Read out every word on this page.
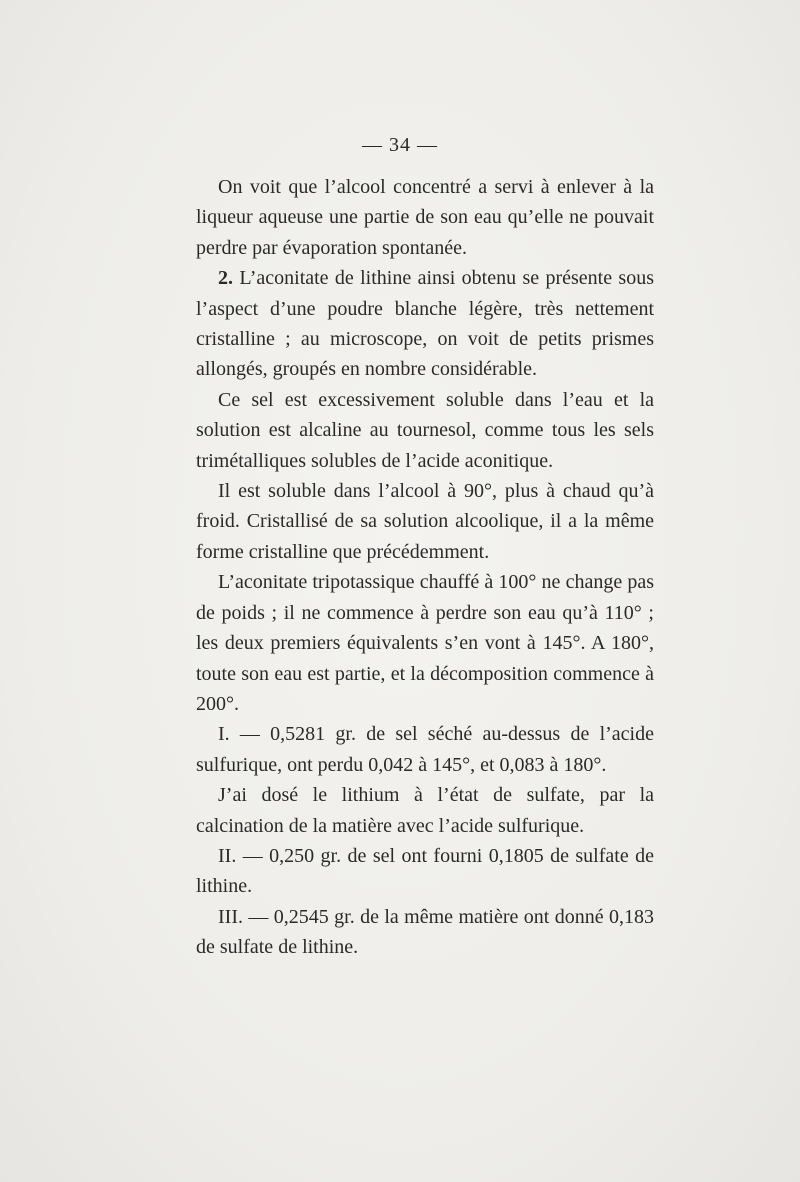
— 34 —

On voit que l’alcool concentré a servi à enlever à la liqueur aqueuse une partie de son eau qu’elle ne pouvait perdre par évaporation spontanée.

2. L’aconitate de lithine ainsi obtenu se présente sous l’aspect d’une poudre blanche légère, très nettement cristalline ; au microscope, on voit de petits prismes allongés, groupés en nombre considérable.

Ce sel est excessivement soluble dans l’eau et la solution est alcaline au tournesol, comme tous les sels trimétalliques solubles de l’acide aconitique.

Il est soluble dans l’alcool à 90°, plus à chaud qu’à froid. Cristallisé de sa solution alcoolique, il a la même forme cristalline que précédemment.

L’aconitate tripotassique chauffé à 100° ne change pas de poids ; il ne commence à perdre son eau qu’à 110° ; les deux premiers équivalents s’en vont à 145°. A 180°, toute son eau est partie, et la décomposition commence à 200°.

I. — 0,5281 gr. de sel séché au-dessus de l’acide sulfurique, ont perdu 0,042 à 145°, et 0,083 à 180°.

J’ai dosé le lithium à l’état de sulfate, par la calcination de la matière avec l’acide sulfurique.

II. — 0,250 gr. de sel ont fourni 0,1805 de sulfate de lithine.

III. — 0,2545 gr. de la même matière ont donné 0,183 de sulfate de lithine.
